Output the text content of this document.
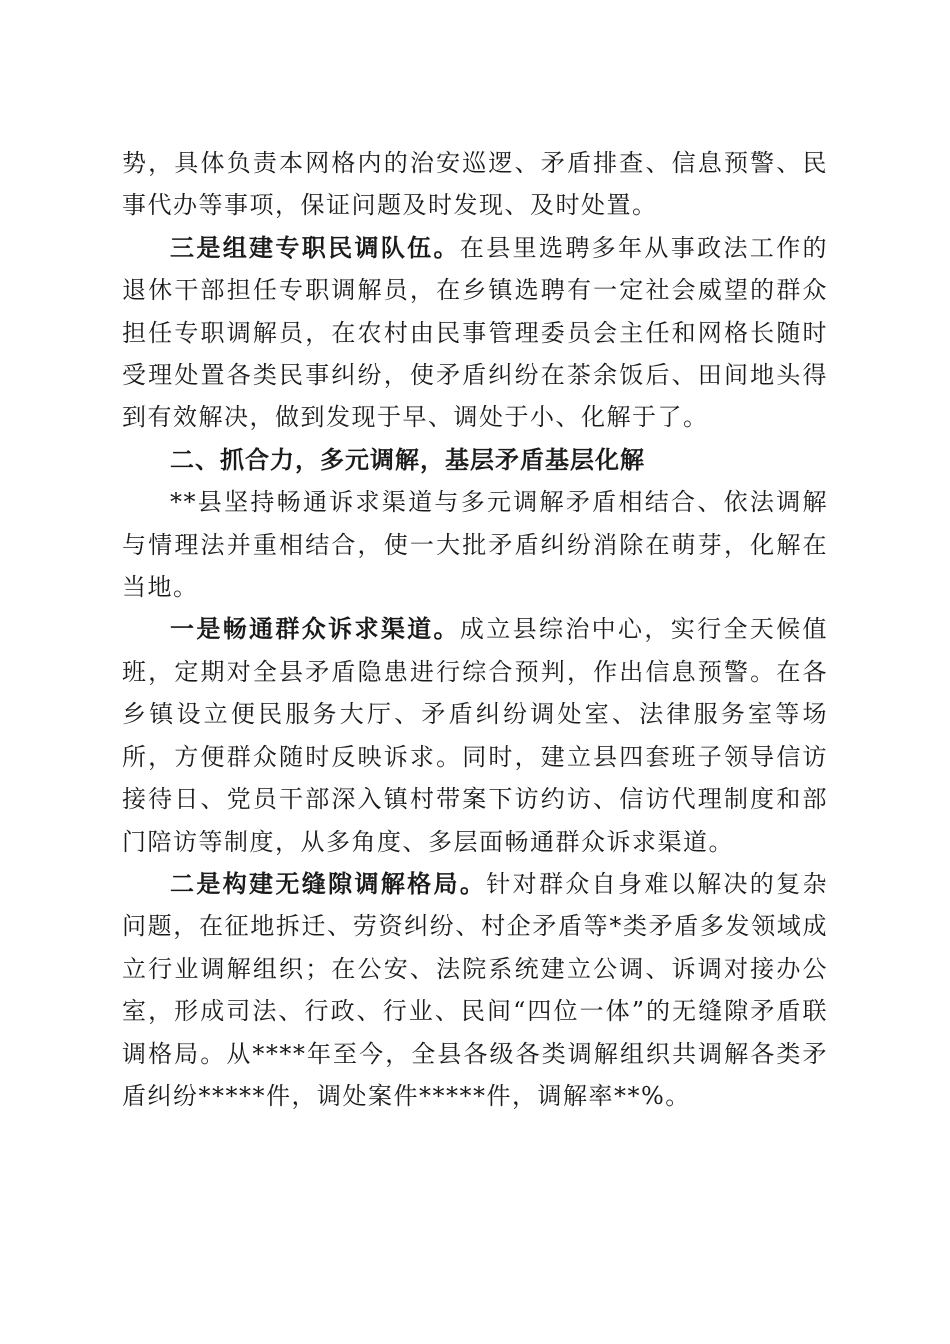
势，具体负责本网格内的治安巡逻、矛盾排查、信息预警、民事代办等事项，保证问题及时发现、及时处置。

三是组建专职民调队伍。在县里选聘多年从事政法工作的退休干部担任专职调解员，在乡镇选聘有一定社会威望的群众担任专职调解员，在农村由民事管理委员会主任和网格长随时受理处置各类民事纠纷，使矛盾纠纷在茶余饭后、田间地头得到有效解决，做到发现于早、调处于小、化解于了。

二、抓合力，多元调解，基层矛盾基层化解

**县坚持畅通诉求渠道与多元调解矛盾相结合、依法调解与情理法并重相结合，使一大批矛盾纠纷消除在萌芽，化解在当地。

一是畅通群众诉求渠道。成立县综治中心，实行全天候值班，定期对全县矛盾隐患进行综合预判，作出信息预警。在各乡镇设立便民服务大厅、矛盾纠纷调处室、法律服务室等场所，方便群众随时反映诉求。同时，建立县四套班子领导信访接待日、党员干部深入镇村带案下访约访、信访代理制度和部门陪访等制度，从多角度、多层面畅通群众诉求渠道。

二是构建无缝隙调解格局。针对群众自身难以解决的复杂问题，在征地拆迁、劳资纠纷、村企矛盾等*类矛盾多发领域成立行业调解组织；在公安、法院系统建立公调、诉调对接办公室，形成司法、行政、行业、民间“四位一体”的无缝隙矛盾联调格局。从****年至今，全县各级各类调解组织共调解各类矛盾纠纷*****件，调处案件*****件，调解率**%。
